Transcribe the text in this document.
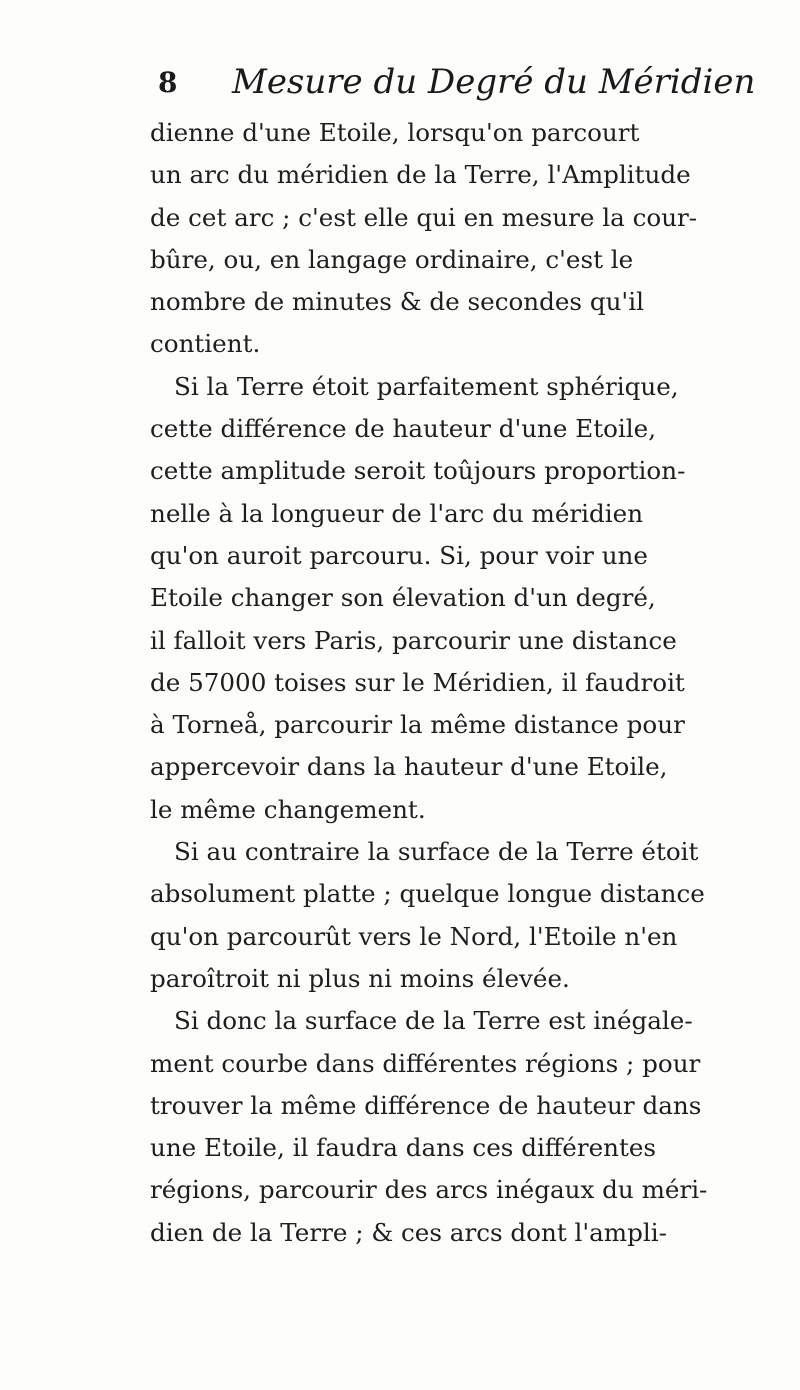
8 Mesure du Degré du Méridien
dienne d'une Etoile, lorsqu'on parcourt
un arc du méridien de la Terre, l'Amplitude
de cet arc ; c'est elle qui en mesure la cour-
bûre, ou, en langage ordinaire, c'est le
nombre de minutes & de secondes qu'il
contient.
Si la Terre étoit parfaitement sphérique,
cette différence de hauteur d'une Etoile,
cette amplitude seroit toûjours proportion-
nelle à la longueur de l'arc du méridien
qu'on auroit parcouru. Si, pour voir une
Etoile changer son élevation d'un degré,
il falloit vers Paris, parcourir une distance
de 57000 toises sur le Méridien, il faudroit
à Torneå, parcourir la même distance pour
appercevoir dans la hauteur d'une Etoile,
le même changement.
Si au contraire la surface de la Terre étoit
absolument platte ; quelque longue distance
qu'on parcourût vers le Nord, l'Etoile n'en
paroîtroit ni plus ni moins élevée.
Si donc la surface de la Terre est inégale-
ment courbe dans différentes régions ; pour
trouver la même différence de hauteur dans
une Etoile, il faudra dans ces différentes
régions, parcourir des arcs inégaux du méri-
dien de la Terre ; & ces arcs dont l'ampli-
